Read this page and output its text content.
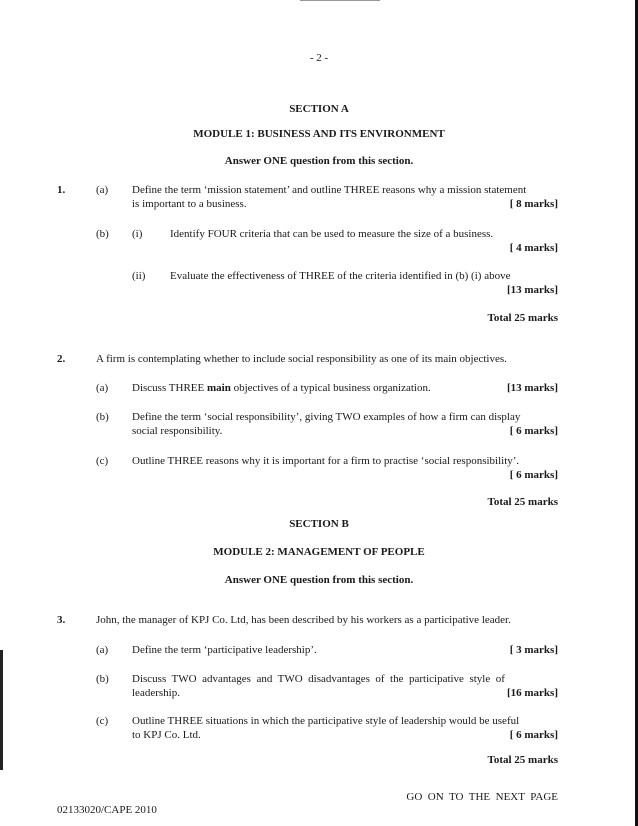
- 2 -
SECTION A
MODULE 1: BUSINESS AND ITS ENVIRONMENT
Answer ONE question from this section.
1.	(a) Define the term ‘mission statement’ and outline THREE reasons why a mission statement
is important to a business.	[ 8 marks]
(b) (i)	Identify FOUR criteria that can be used to measure the size of a business.
[ 4 marks]
(ii) Evaluate the effectiveness of THREE of the criteria identified in (b) (i) above
[13 marks]
Total 25 marks
2.	A firm is contemplating whether to include social responsibility as one of its main objectives.
(a) Discuss THREE main objectives of a typical business organization.	[13 marks]
(b) Define the term ‘social responsibility’, giving TWO examples of how a firm can display
social responsibility.	[ 6 marks]
(c) Outline THREE reasons why it is important for a firm to practise ‘social responsibility’.
[ 6 marks]
Total 25 marks
SECTION B
MODULE 2: MANAGEMENT OF PEOPLE
Answer ONE question from this section.
3.	John, the manager of KPJ Co. Ltd, has been described by his workers as a participative leader.
(a) Define the term ‘participative leadership’.	[ 3 marks]
(b) Discuss  TWO  advantages  and  TWO  disadvantages  of  the  participative  style  of
leadership.	[16 marks]
(c) Outline THREE situations in which the participative style of leadership would be useful
to KPJ Co. Ltd.	[ 6 marks]
Total 25 marks
GO  ON  TO  THE  NEXT  PAGE
02133020/CAPE 2010
